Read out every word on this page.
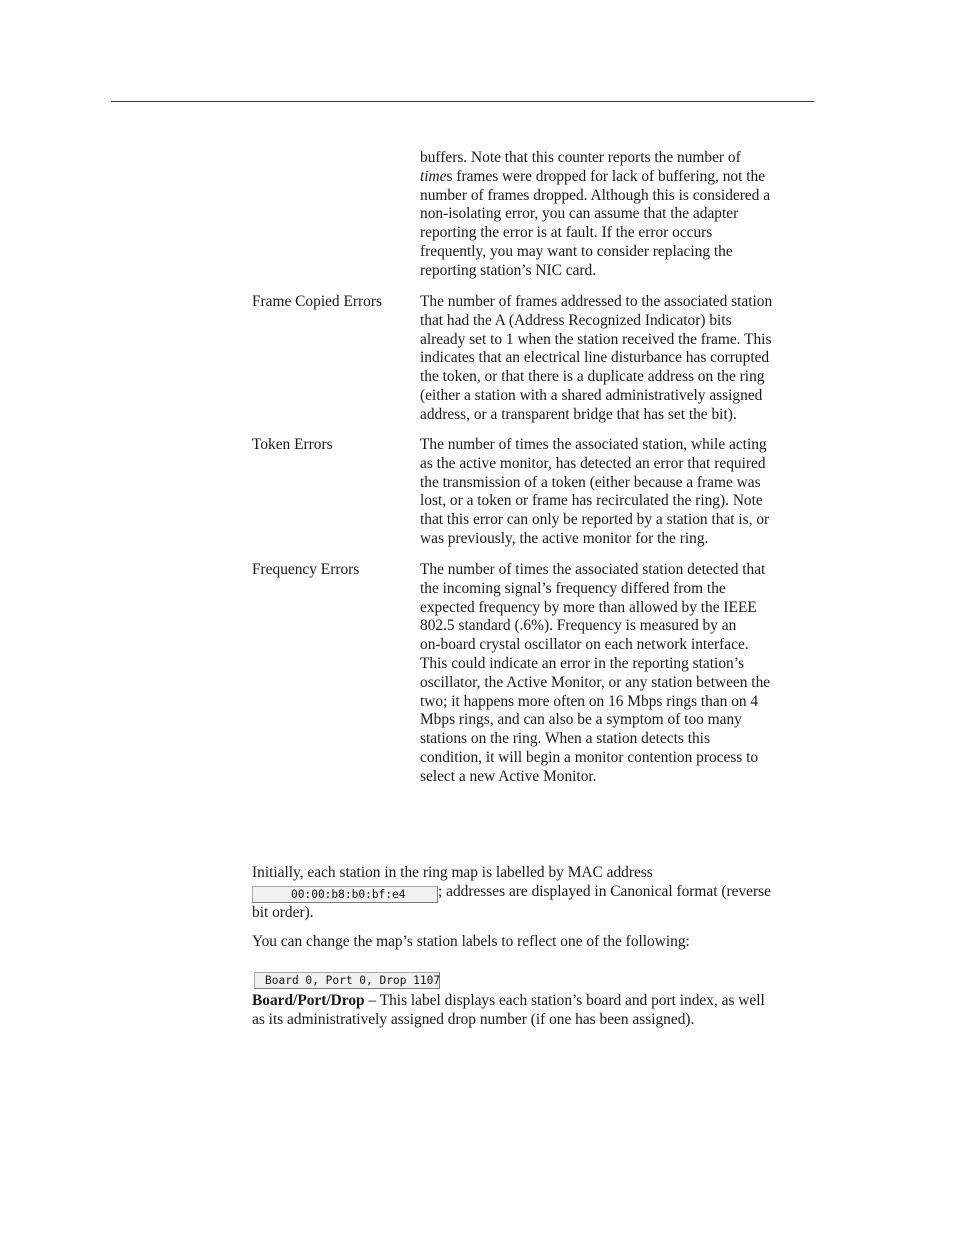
buffers. Note that this counter reports the number of
times frames were dropped for lack of buffering, not the
number of frames dropped. Although this is considered a
non-isolating error, you can assume that the adapter
reporting the error is at fault. If the error occurs
frequently, you may want to consider replacing the
reporting station’s NIC card.
Frame Copied Errors The number of frames addressed to the associated station
that had the A (Address Recognized Indicator) bits
already set to 1 when the station received the frame. This
indicates that an electrical line disturbance has corrupted
the token, or that there is a duplicate address on the ring
(either a station with a shared administratively assigned
address, or a transparent bridge that has set the bit).
Token Errors	The number of times the associated station, while acting
as the active monitor, has detected an error that required
the transmission of a token (either because a frame was
lost, or a token or frame has recirculated the ring). Note
that this error can only be reported by a station that is, or
was previously, the active monitor for the ring.
Frequency Errors	The number of times the associated station detected that
the incoming signal’s frequency differed from the
expected frequency by more than allowed by the IEEE
802.5 standard (.6%). Frequency is measured by an
on-board crystal oscillator on each network interface.
This could indicate an error in the reporting station’s
oscillator, the Active Monitor, or any station between the
two; it happens more often on 16 Mbps rings than on 4
Mbps rings, and can also be a symptom of too many
stations on the ring. When a station detects this
condition, it will begin a monitor contention process to
select a new Active Monitor.
Initially, each station in the ring map is labelled by MAC address
00:00:b8:b0:bf:e4 ; addresses are displayed in Canonical format (reverse
bit order).
You can change the map’s station labels to reflect one of the following:
Board 0, Port 0, Drop 1107
Board/Port/Drop – This label displays each station’s board and port index, as well
as its administratively assigned drop number (if one has been assigned).
